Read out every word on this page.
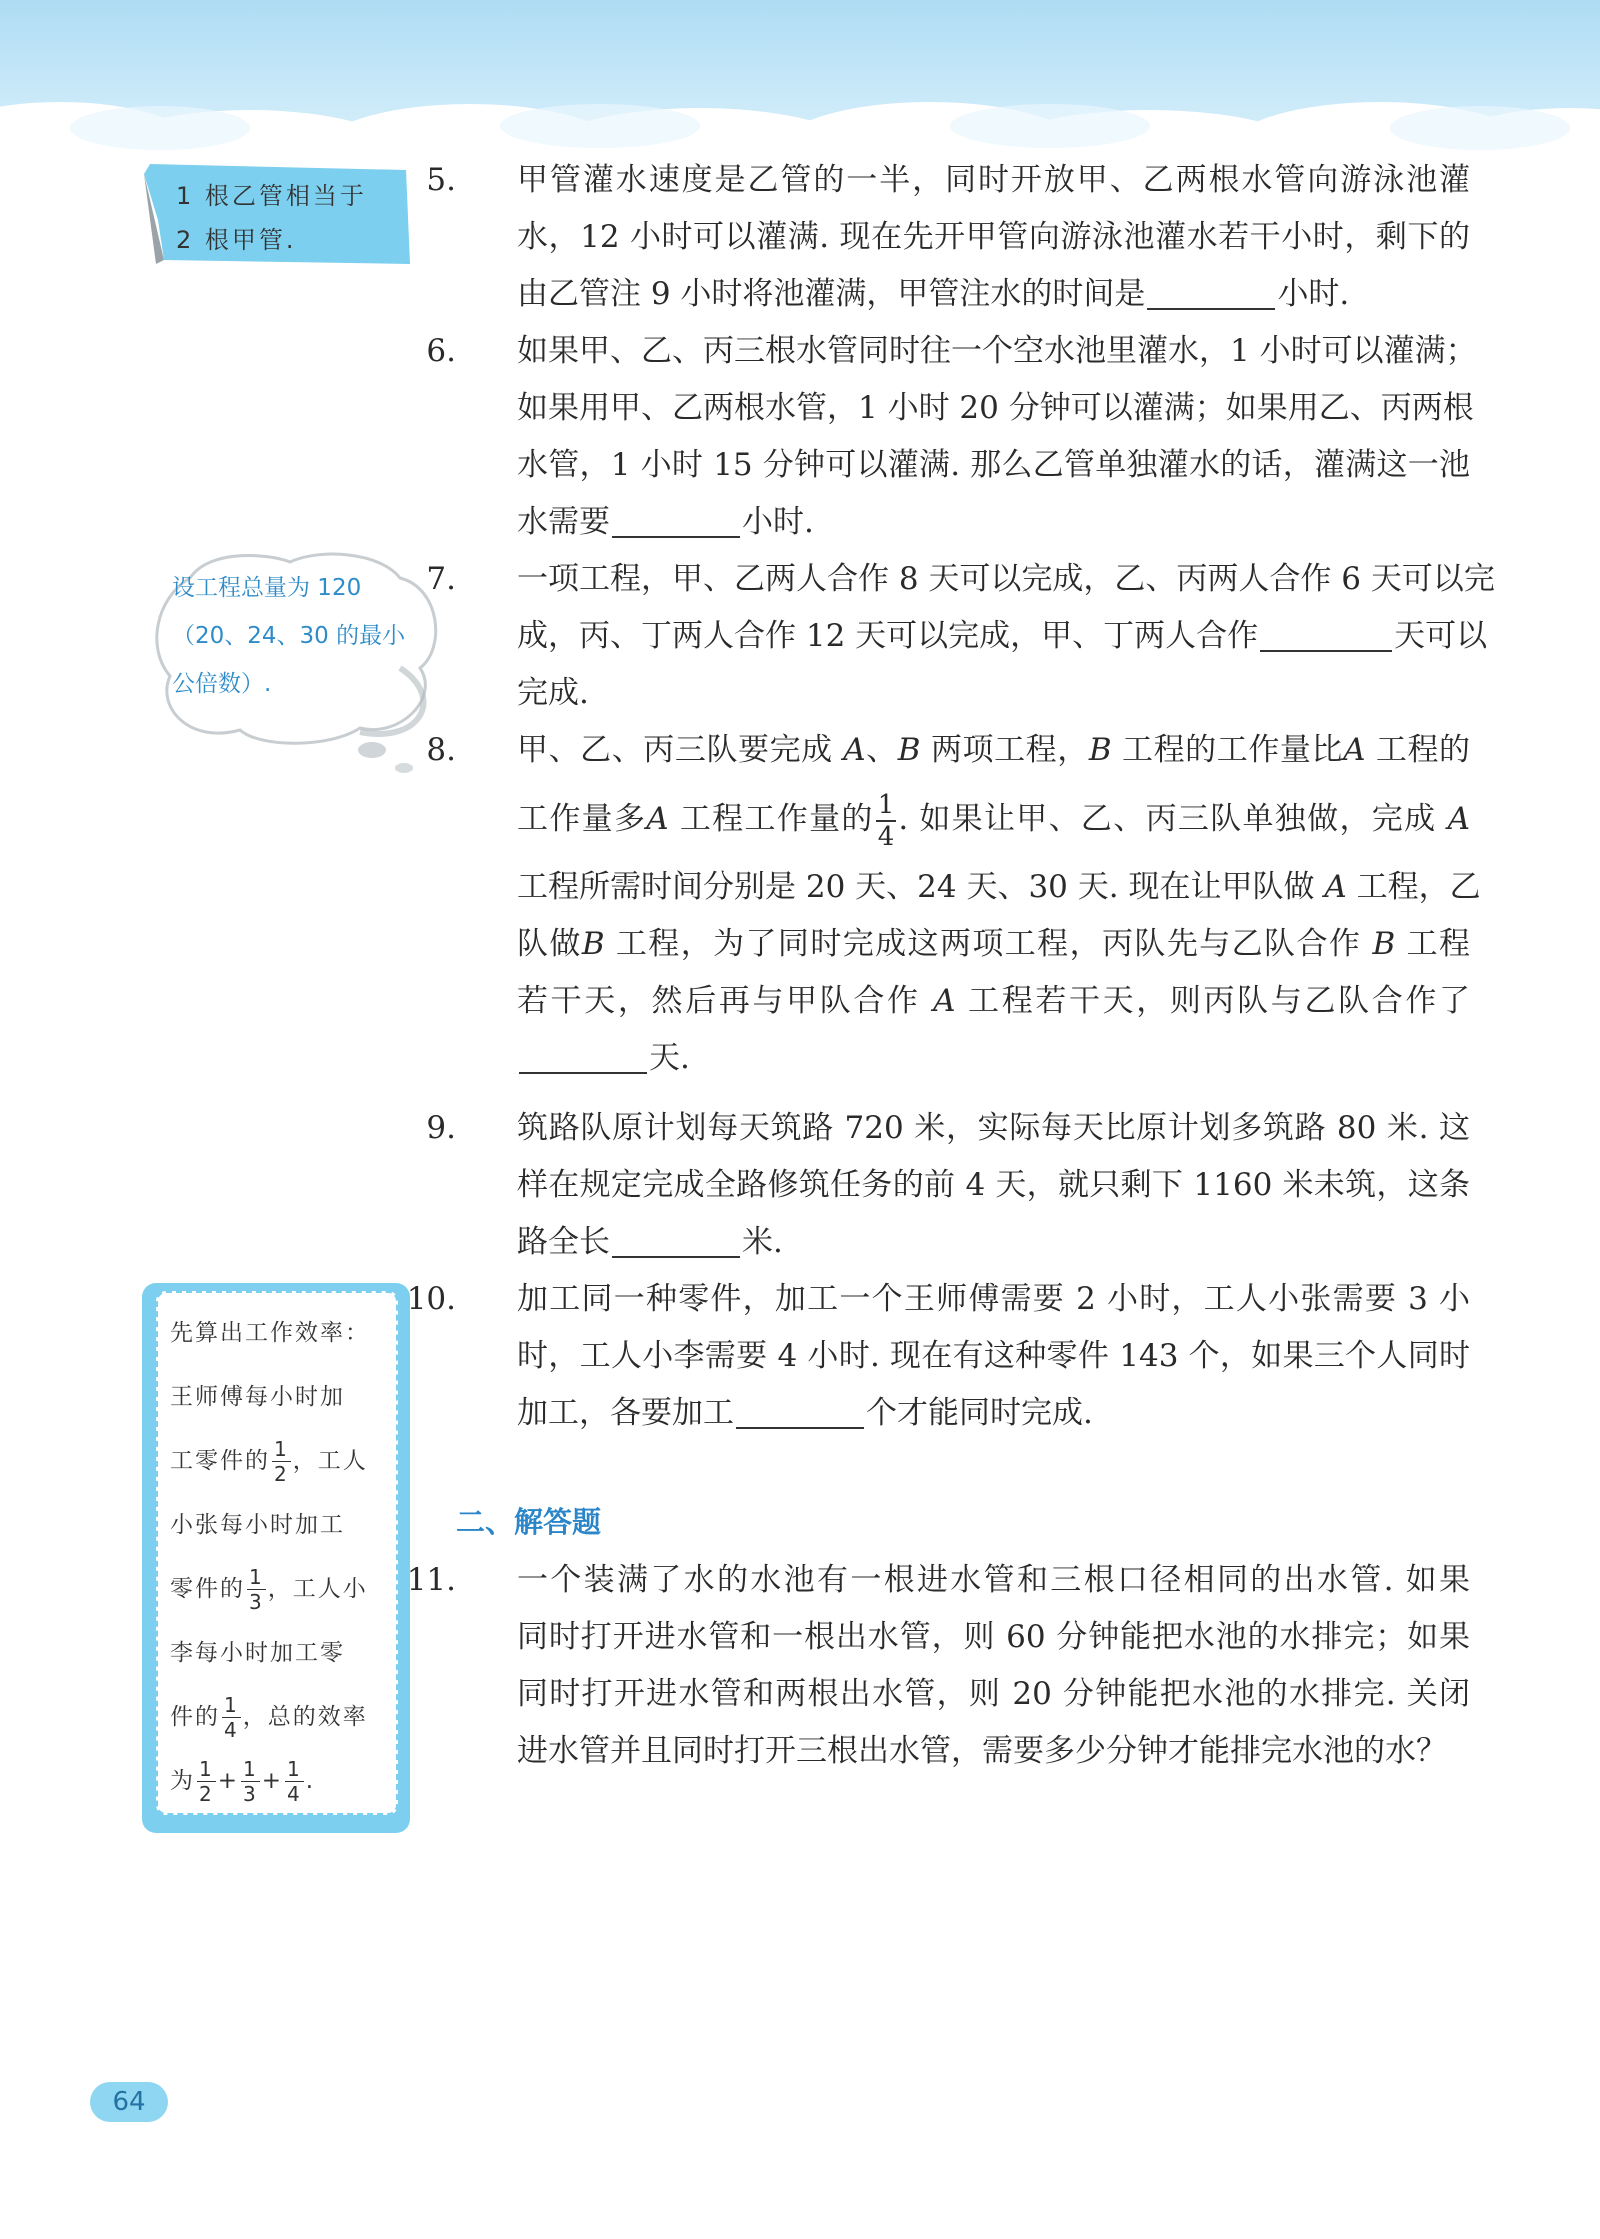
1 根乙管相当于
2 根甲管.
设工程总量为 120
（20、24、30 的最小
公倍数）.
先算出工作效率：
王师傅每小时加
工零件的 $\frac{1}{2}$ ，工人
小张每小时加工
零件的 $\frac{1}{3}$ ，工人小
李每小时加工零
件的 $\frac{1}{4}$ ，总的效率
为 $\frac{1}{2} + \frac{1}{3} + \frac{1}{4}$ .
5. 甲管灌水速度是乙管的一半，同时开放甲、乙两根水管向游泳池灌
水，12 小时可以灌满. 现在先开甲管向游泳池灌水若干小时，剩下的
由乙管注 9 小时将池灌满，甲管注水的时间是	小时.
6. 如果甲、乙、丙三根水管同时往一个空水池里灌水，1 小时可以灌满；
如果用甲、乙两根水管，1 小时 20 分钟可以灌满；如果用乙、丙两根
水管，1 小时 15 分钟可以灌满. 那么乙管单独灌水的话，灌满这一池
水需要	小时.
7. 一项工程，甲、乙两人合作 8 天可以完成，乙、丙两人合作 6 天可以完
成，丙、丁两人合作 12 天可以完成，甲、丁两人合作	天可以
完成.
8. 甲、乙、丙三队要完成 A、B 两项工程，B 工程的工作量比A 工程的
工作量多A 工程工作量的 $\frac{1}{4}$ . 如果让甲、乙、丙三队单独做，完成 A
工程所需时间分别是 20 天、24 天、30 天. 现在让甲队做 A 工程，乙
队做B 工程，为了同时完成这两项工程，丙队先与乙队合作 B 工程
若干天，然后再与甲队合作 A 工程若干天，则丙队与乙队合作了
天.
9. 筑路队原计划每天筑路 720 米，实际每天比原计划多筑路 80 米. 这
样在规定完成全路修筑任务的前 4 天，就只剩下 1160 米未筑，这条
路全长	米.
10. 加工同一种零件，加工一个王师傅需要 2 小时，工人小张需要 3 小
时，工人小李需要 4 小时. 现在有这种零件 143 个，如果三个人同时
加工，各要加工	个才能同时完成.
二、解答题
11. 一个装满了水的水池有一根进水管和三根口径相同的出水管. 如果
同时打开进水管和一根出水管，则 60 分钟能把水池的水排完；如果
同时打开进水管和两根出水管，则 20 分钟能把水池的水排完. 关闭
进水管并且同时打开三根出水管，需要多少分钟才能排完水池的水？
64
